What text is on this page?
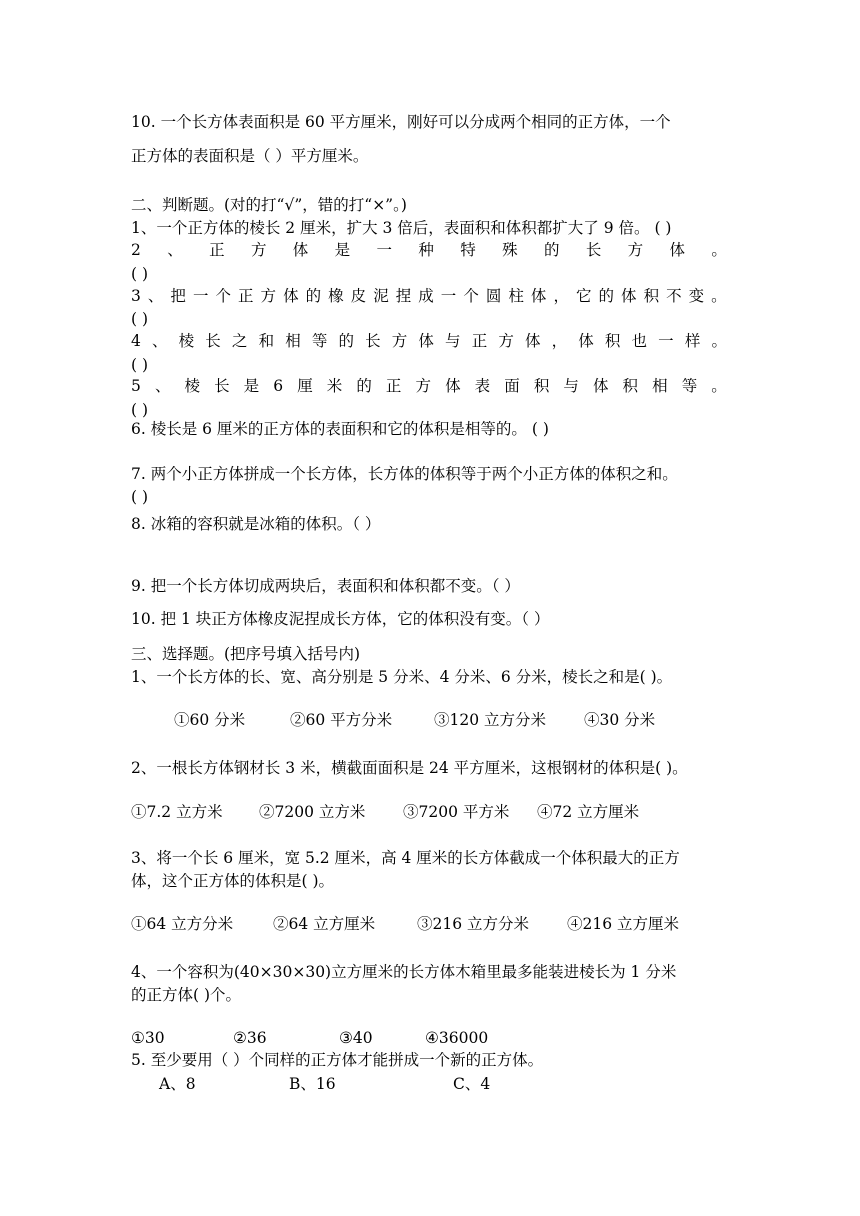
10. 一个长方体表面积是 60 平方厘米，刚好可以分成两个相同的正方体，一个

正方体的表面积是（ ）平方厘米。

二、判断题。(对的打“√”，错的打“×”。)

1、一个正方体的棱长 2 厘米，扩大 3 倍后，表面积和体积都扩大了 9 倍。 ( )

2 、 正 方 体 是 一 种 特 殊 的 长 方 体 。

( )

3 、 把 一 个 正 方 体 的 橡 皮 泥 捏 成 一 个 圆 柱 体 ， 它 的 体 积 不 变 。

( )

4 、 棱 长 之 和 相 等 的 长 方 体 与 正 方 体 ， 体 积 也 一 样 。

( )

5 、 棱 长 是 6 厘 米 的 正 方 体 表 面 积 与 体 积 相 等 。

( )

6. 棱长是 6 厘米的正方体的表面积和它的体积是相等的。 ( )

7. 两个小正方体拼成一个长方体，长方体的体积等于两个小正方体的体积之和。

( )

8. 冰箱的容积就是冰箱的体积。（ ）

9. 把一个长方体切成两块后，表面积和体积都不变。（ ）

10. 把 1 块正方体橡皮泥捏成长方体，它的体积没有变。（ ）

三、选择题。(把序号填入括号内)

1、一个长方体的长、宽、高分别是 5 分米、4 分米、6 分米，棱长之和是( )。

①60 分米	②60 平方分米	③120 立方分米 ④30 分米

2、一根长方体钢材长 3 米，横截面面积是 24 平方厘米，这根钢材的体积是( )。

①7.2 立方米 ②7200 立方米 ③7200 平方米 ④72 立方厘米

3、将一个长 6 厘米，宽 5.2 厘米，高 4 厘米的长方体截成一个体积最大的正方

体，这个正方体的体积是( )。

①64 立方分米	②64 立方厘米	③216 立方分米 ④216 立方厘米

4、一个容积为(40×30×30)立方厘米的长方体木箱里最多能装进棱长为 1 分米

的正方体( )个。

①30	②36	③40	④36000

5. 至少要用（ ）个同样的正方体才能拼成一个新的正方体。

A、8	B、16	C、4
